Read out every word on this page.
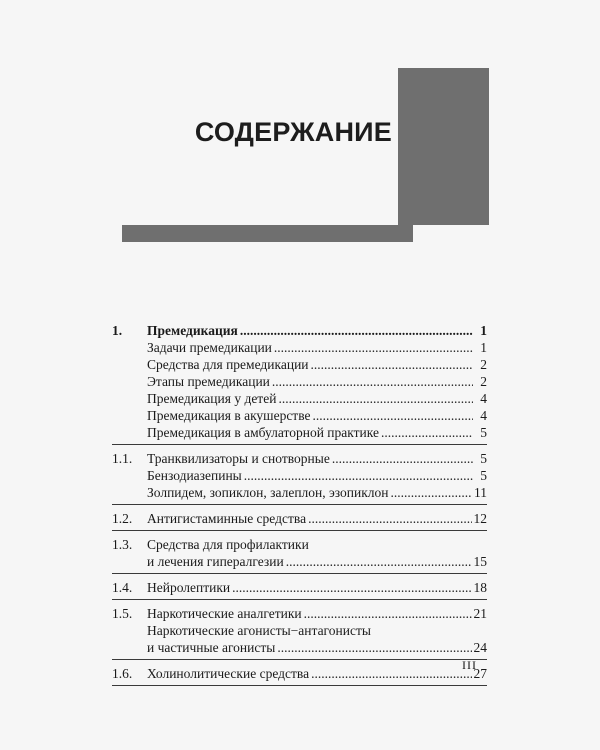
СОДЕРЖАНИЕ
1.	Премедикация .....	1
Задачи премедикации .....	1
Средства для премедикации .....	2
Этапы премедикации .....	2
Премедикация у детей .....	4
Премедикация в акушерстве .....	4
Премедикация в амбулаторной практике .....	5
1.1.	Транквилизаторы и снотворные .....	5
Бензодиазепины .....	5
Золпидем, зопиклон, залеплон, эзопиклон .....	11
1.2.	Антигистаминные средства .....	12
1.3.	Средства для профилактики
и лечения гипералгезии .....	15
1.4.	Нейролептики .....	18
1.5.	Наркотические аналгетики .....	21
Наркотические агонисты−антагонисты
и частичные агонисты .....	24
1.6.	Холинолитические средства .....	27
III
